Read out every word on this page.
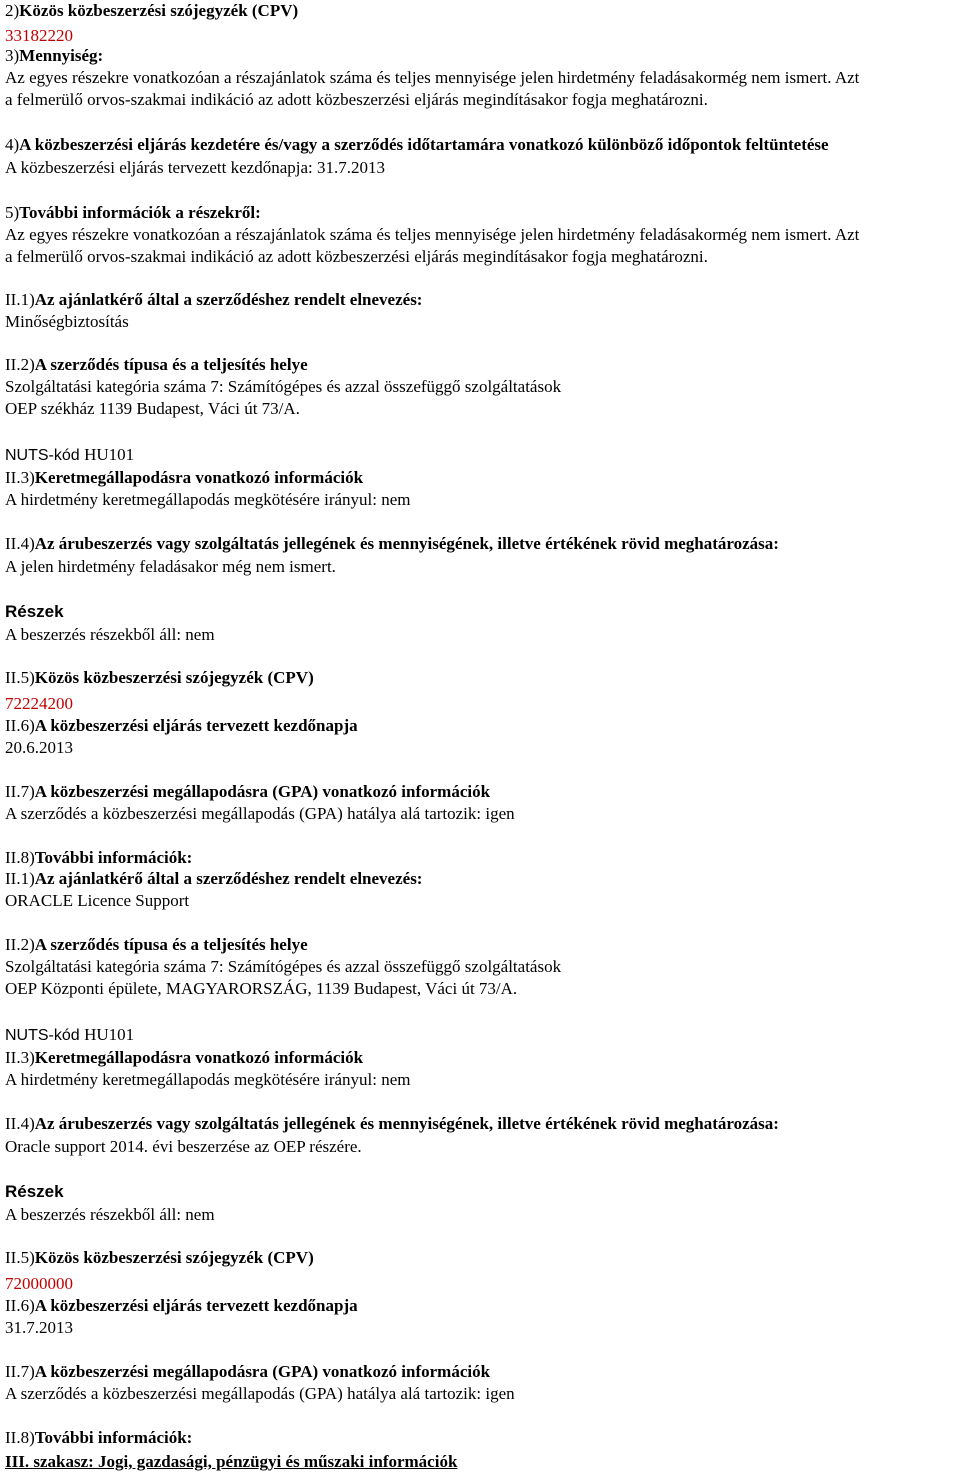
2)Közös közbeszerzési szójegyzék (CPV)

33182220

3)Mennyiség:

Az egyes részekre vonatkozóan a részajánlatok száma és teljes mennyisége jelen hirdetmény feladásakormég nem ismert. Azt

a felmerülő orvos-szakmai indikáció az adott közbeszerzési eljárás megindításakor fogja meghatározni.

4)A közbeszerzési eljárás kezdetére és/vagy a szerződés időtartamára vonatkozó különböző időpontok feltüntetése

A közbeszerzési eljárás tervezett kezdőnapja: 31.7.2013

5)További információk a részekről:

Az egyes részekre vonatkozóan a részajánlatok száma és teljes mennyisége jelen hirdetmény feladásakormég nem ismert. Azt

a felmerülő orvos-szakmai indikáció az adott közbeszerzési eljárás megindításakor fogja meghatározni.

II.1)Az ajánlatkérő által a szerződéshez rendelt elnevezés:

Minőségbiztosítás

II.2)A szerződés típusa és a teljesítés helye

Szolgáltatási kategória száma 7: Számítógépes és azzal összefüggő szolgáltatások

OEP székház 1139 Budapest, Váci út 73/A.

NUTS-kód HU101

II.3)Keretmegállapodásra vonatkozó információk

A hirdetmény keretmegállapodás megkötésére irányul: nem

II.4)Az árubeszerzés vagy szolgáltatás jellegének és mennyiségének, illetve értékének rövid meghatározása:

A jelen hirdetmény feladásakor még nem ismert.

Részek

A beszerzés részekből áll: nem

II.5)Közös közbeszerzési szójegyzék (CPV)

72224200

II.6)A közbeszerzési eljárás tervezett kezdőnapja

20.6.2013

II.7)A közbeszerzési megállapodásra (GPA) vonatkozó információk

A szerződés a közbeszerzési megállapodás (GPA) hatálya alá tartozik: igen

II.8)További információk:

II.1)Az ajánlatkérő által a szerződéshez rendelt elnevezés:

ORACLE Licence Support

II.2)A szerződés típusa és a teljesítés helye

Szolgáltatási kategória száma 7: Számítógépes és azzal összefüggő szolgáltatások

OEP Központi épülete, MAGYARORSZÁG, 1139 Budapest, Váci út 73/A.

NUTS-kód HU101

II.3)Keretmegállapodásra vonatkozó információk

A hirdetmény keretmegállapodás megkötésére irányul: nem

II.4)Az árubeszerzés vagy szolgáltatás jellegének és mennyiségének, illetve értékének rövid meghatározása:

Oracle support 2014. évi beszerzése az OEP részére.

Részek

A beszerzés részekből áll: nem

II.5)Közös közbeszerzési szójegyzék (CPV)

72000000

II.6)A közbeszerzési eljárás tervezett kezdőnapja

31.7.2013

II.7)A közbeszerzési megállapodásra (GPA) vonatkozó információk

A szerződés a közbeszerzési megállapodás (GPA) hatálya alá tartozik: igen

II.8)További információk:

III. szakasz: Jogi, gazdasági, pénzügyi és műszaki információk
